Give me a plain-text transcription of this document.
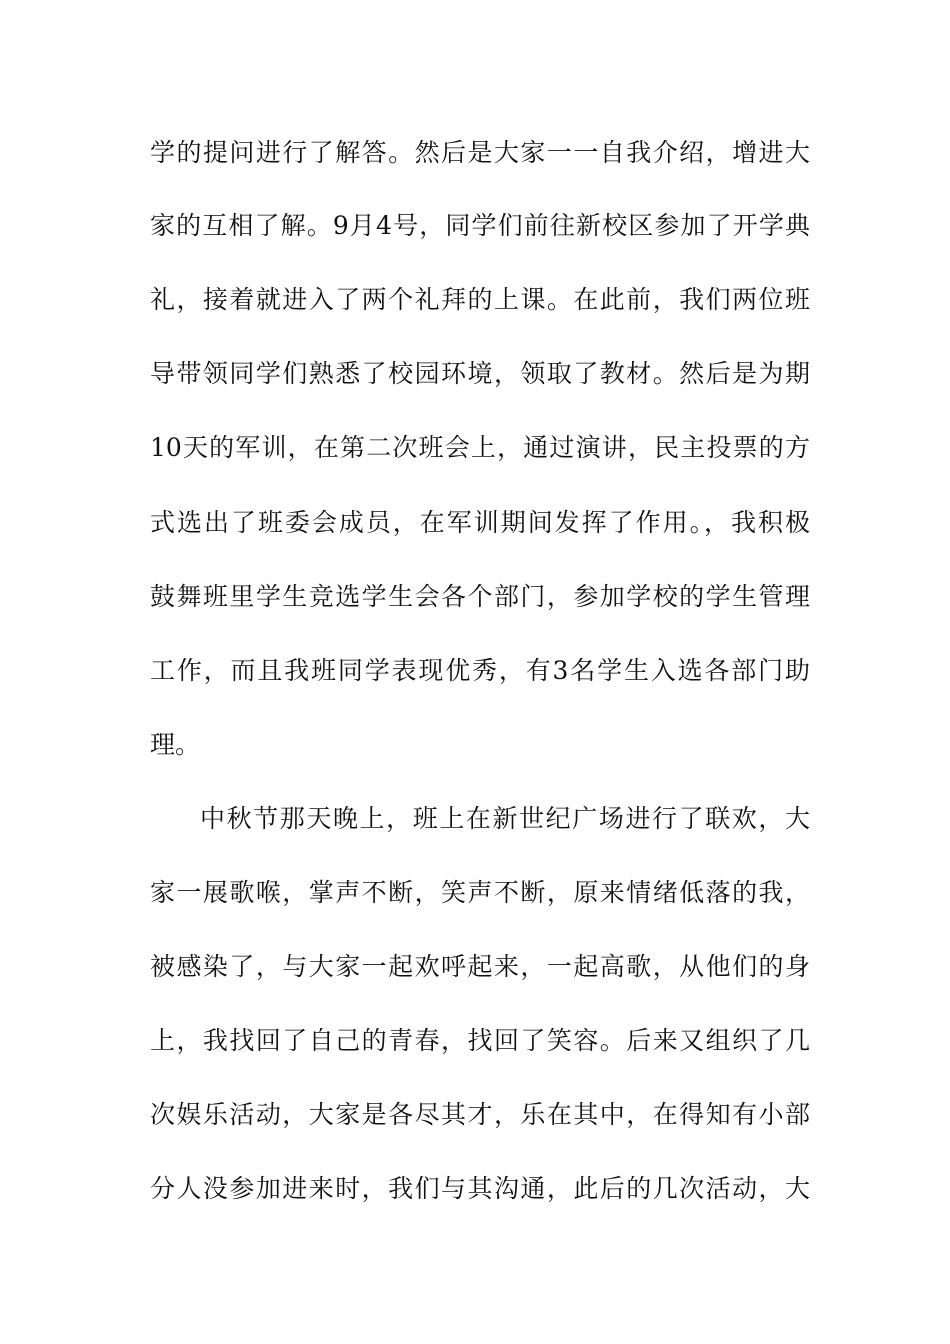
学的提问进行了解答。然后是大家一一自我介绍，增进大
家的互相了解。9月4号，同学们前往新校区参加了开学典
礼，接着就进入了两个礼拜的上课。在此前，我们两位班
导带领同学们熟悉了校园环境，领取了教材。然后是为期
10天的军训，在第二次班会上，通过演讲，民主投票的方
式选出了班委会成员，在军训期间发挥了作用。，我积极
鼓舞班里学生竞选学生会各个部门，参加学校的学生管理
工作，而且我班同学表现优秀，有3名学生入选各部门助
理。
中秋节那天晚上，班上在新世纪广场进行了联欢，大
家一展歌喉，掌声不断，笑声不断，原来情绪低落的我，
被感染了，与大家一起欢呼起来，一起高歌，从他们的身
上，我找回了自己的青春，找回了笑容。后来又组织了几
次娱乐活动，大家是各尽其才，乐在其中，在得知有小部
分人没参加进来时，我们与其沟通，此后的几次活动，大
